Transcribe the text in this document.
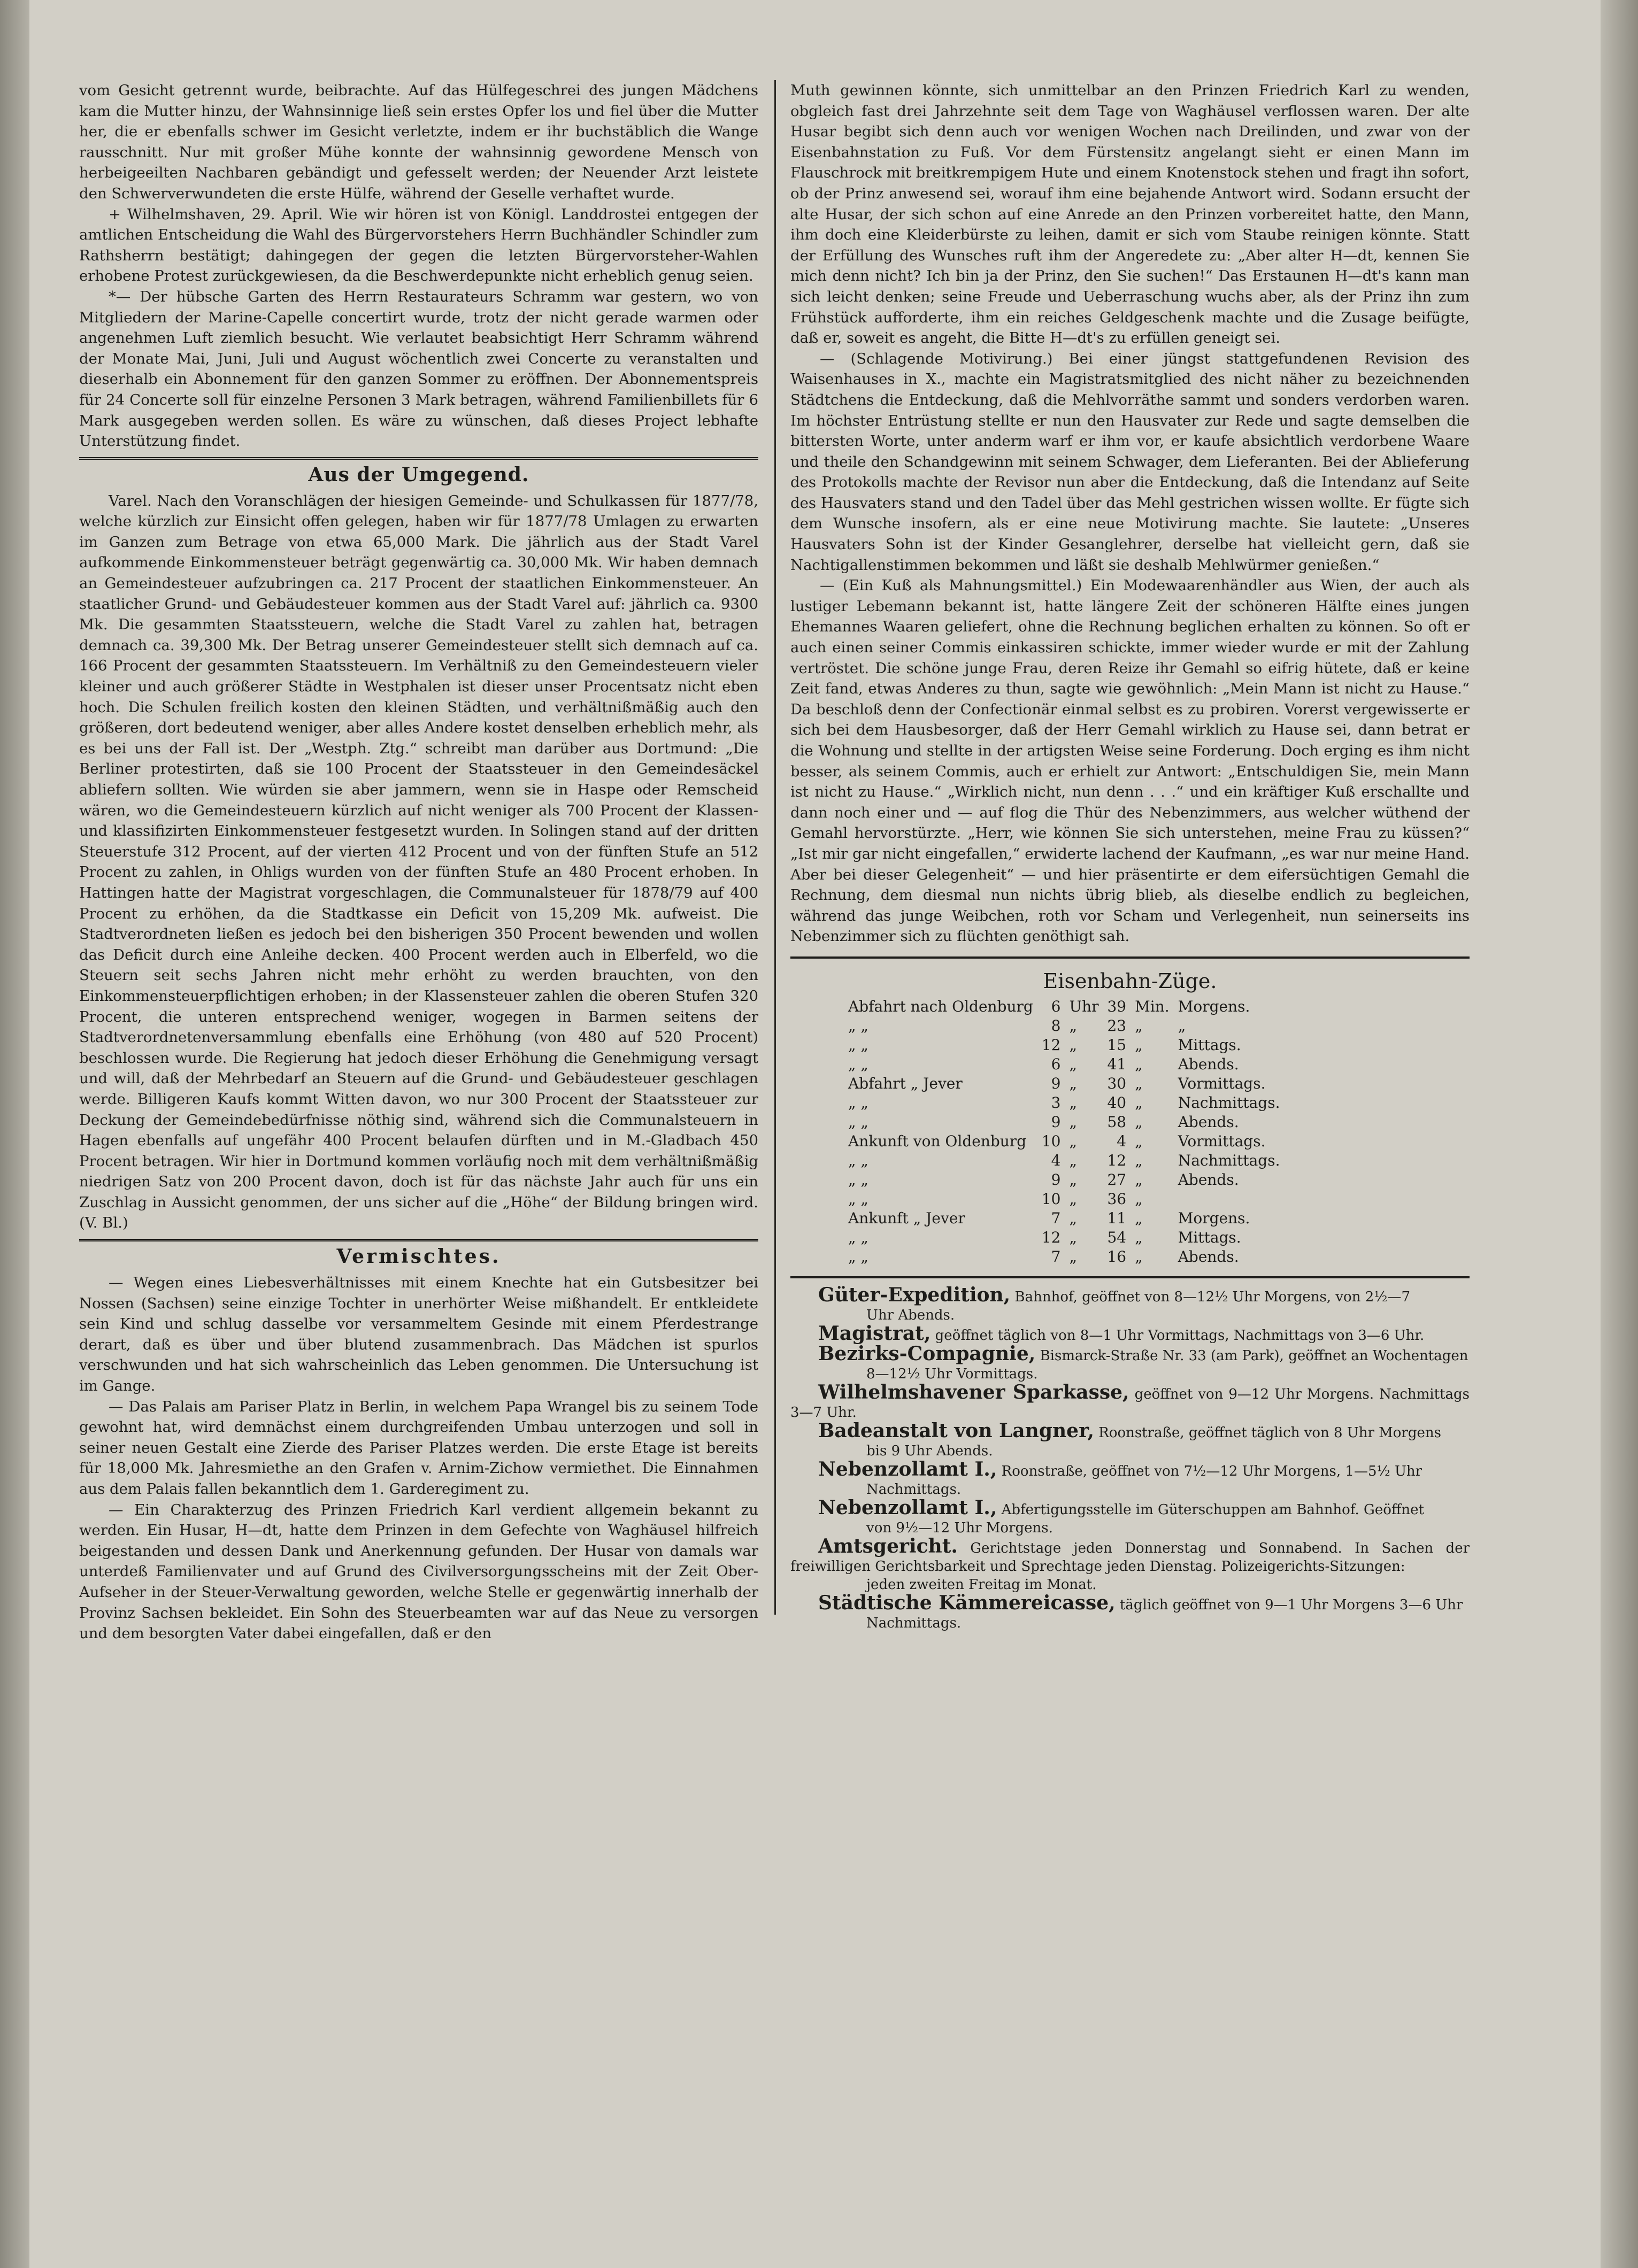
vom Gesicht getrennt wurde, beibrachte. Auf das Hülfegeschrei des jungen Mädchens kam die Mutter hinzu, der Wahnsinnige ließ sein erstes Opfer los und fiel über die Mutter her, die er ebenfalls schwer im Gesicht verletzte, indem er ihr buchstäblich die Wange rausschnitt. Nur mit großer Mühe konnte der wahnsinnig gewordene Mensch von herbeigeeilten Nachbaren gebändigt und gefesselt werden; der Neuender Arzt leistete den Schwerverwundeten die erste Hülfe, während der Geselle verhaftet wurde.

+ Wilhelmshaven, 29. April. Wie wir hören ist von Königl. Landdrostei entgegen der amtlichen Entscheidung die Wahl des Bürgervorstehers Herrn Buchhändler Schindler zum Rathsherrn bestätigt; dahingegen der gegen die letzten Bürgervorsteher-Wahlen erhobene Protest zurückgewiesen, da die Beschwerdepunkte nicht erheblich genug seien.

*— Der hübsche Garten des Herrn Restaurateurs Schramm war gestern, wo von Mitgliedern der Marine-Capelle concertirt wurde, trotz der nicht gerade warmen oder angenehmen Luft ziemlich besucht. Wie verlautet beabsichtigt Herr Schramm während der Monate Mai, Juni, Juli und August wöchentlich zwei Concerte zu veranstalten und dieserhalb ein Abonnement für den ganzen Sommer zu eröffnen. Der Abonnementspreis für 24 Concerte soll für einzelne Personen 3 Mark betragen, während Familienbillets für 6 Mark ausgegeben werden sollen. Es wäre zu wünschen, daß dieses Project lebhafte Unterstützung findet.

Aus der Umgegend.

Varel. Nach den Voranschlägen der hiesigen Gemeinde- und Schulkassen für 1877/78, welche kürzlich zur Einsicht offen gelegen, haben wir für 1877/78 Umlagen zu erwarten im Ganzen zum Betrage von etwa 65,000 Mark. Die jährlich aus der Stadt Varel aufkommende Einkommensteuer beträgt gegenwärtig ca. 30,000 Mk. Wir haben demnach an Gemeindesteuer aufzubringen ca. 217 Procent der staatlichen Einkommensteuer. An staatlicher Grund- und Gebäudesteuer kommen aus der Stadt Varel auf: jährlich ca. 9300 Mk. Die gesammten Staatssteuern, welche die Stadt Varel zu zahlen hat, betragen demnach ca. 39,300 Mk. Der Betrag unserer Gemeindesteuer stellt sich demnach auf ca. 166 Procent der gesammten Staatssteuern. Im Verhältniß zu den Gemeindesteuern vieler kleiner und auch größerer Städte in Westphalen ist dieser unser Procentsatz nicht eben hoch. Die Schulen freilich kosten den kleinen Städten, und verhältnißmäßig auch den größeren, dort bedeutend weniger, aber alles Andere kostet denselben erheblich mehr, als es bei uns der Fall ist. Der „Westph. Ztg.“ schreibt man darüber aus Dortmund: „Die Berliner protestirten, daß sie 100 Procent der Staatssteuer in den Gemeindesäckel abliefern sollten. Wie würden sie aber jammern, wenn sie in Haspe oder Remscheid wären, wo die Gemeindesteuern kürzlich auf nicht weniger als 700 Procent der Klassen- und klassifizirten Einkommensteuer festgesetzt wurden. In Solingen stand auf der dritten Steuerstufe 312 Procent, auf der vierten 412 Procent und von der fünften Stufe an 512 Procent zu zahlen, in Ohligs wurden von der fünften Stufe an 480 Procent erhoben. In Hattingen hatte der Magistrat vorgeschlagen, die Communalsteuer für 1878/79 auf 400 Procent zu erhöhen, da die Stadtkasse ein Deficit von 15,209 Mk. aufweist. Die Stadtverordneten ließen es jedoch bei den bisherigen 350 Procent bewenden und wollen das Deficit durch eine Anleihe decken. 400 Procent werden auch in Elberfeld, wo die Steuern seit sechs Jahren nicht mehr erhöht zu werden brauchten, von den Einkommensteuerpflichtigen erhoben; in der Klassensteuer zahlen die oberen Stufen 320 Procent, die unteren entsprechend weniger, wogegen in Barmen seitens der Stadtverordnetenversammlung ebenfalls eine Erhöhung (von 480 auf 520 Procent) beschlossen wurde. Die Regierung hat jedoch dieser Erhöhung die Genehmigung versagt und will, daß der Mehrbedarf an Steuern auf die Grund- und Gebäudesteuer geschlagen werde. Billigeren Kaufs kommt Witten davon, wo nur 300 Procent der Staatssteuer zur Deckung der Gemeindebedürfnisse nöthig sind, während sich die Communalsteuern in Hagen ebenfalls auf ungefähr 400 Procent belaufen dürften und in M.-Gladbach 450 Procent betragen. Wir hier in Dortmund kommen vorläufig noch mit dem verhältnißmäßig niedrigen Satz von 200 Procent davon, doch ist für das nächste Jahr auch für uns ein Zuschlag in Aussicht genommen, der uns sicher auf die „Höhe“ der Bildung bringen wird. (V. Bl.)

Vermischtes.

— Wegen eines Liebesverhältnisses mit einem Knechte hat ein Gutsbesitzer bei Nossen (Sachsen) seine einzige Tochter in unerhörter Weise mißhandelt. Er entkleidete sein Kind und schlug dasselbe vor versammeltem Gesinde mit einem Pferdestrange derart, daß es über und über blutend zusammenbrach. Das Mädchen ist spurlos verschwunden und hat sich wahrscheinlich das Leben genommen. Die Untersuchung ist im Gange.

— Das Palais am Pariser Platz in Berlin, in welchem Papa Wrangel bis zu seinem Tode gewohnt hat, wird demnächst einem durchgreifenden Umbau unterzogen und soll in seiner neuen Gestalt eine Zierde des Pariser Platzes werden. Die erste Etage ist bereits für 18,000 Mk. Jahresmiethe an den Grafen v. Arnim-Zichow vermiethet. Die Einnahmen aus dem Palais fallen bekanntlich dem 1. Garderegiment zu.

— Ein Charakterzug des Prinzen Friedrich Karl verdient allgemein bekannt zu werden. Ein Husar, H—dt, hatte dem Prinzen in dem Gefechte von Waghäusel hilfreich beigestanden und dessen Dank und Anerkennung gefunden. Der Husar von damals war unterdeß Familienvater und auf Grund des Civilversorgungsscheins mit der Zeit Ober-Aufseher in der Steuer-Verwaltung geworden, welche Stelle er gegenwärtig innerhalb der Provinz Sachsen bekleidet. Ein Sohn des Steuerbeamten war auf das Neue zu versorgen und dem besorgten Vater dabei eingefallen, daß er den

Muth gewinnen könnte, sich unmittelbar an den Prinzen Friedrich Karl zu wenden, obgleich fast drei Jahrzehnte seit dem Tage von Waghäusel verflossen waren. Der alte Husar begibt sich denn auch vor wenigen Wochen nach Dreilinden, und zwar von der Eisenbahnstation zu Fuß. Vor dem Fürstensitz angelangt sieht er einen Mann im Flauschrock mit breitkrempigem Hute und einem Knotenstock stehen und fragt ihn sofort, ob der Prinz anwesend sei, worauf ihm eine bejahende Antwort wird. Sodann ersucht der alte Husar, der sich schon auf eine Anrede an den Prinzen vorbereitet hatte, den Mann, ihm doch eine Kleiderbürste zu leihen, damit er sich vom Staube reinigen könnte. Statt der Erfüllung des Wunsches ruft ihm der Angeredete zu: „Aber alter H—dt, kennen Sie mich denn nicht? Ich bin ja der Prinz, den Sie suchen!“ Das Erstaunen H—dt's kann man sich leicht denken; seine Freude und Ueberraschung wuchs aber, als der Prinz ihn zum Frühstück aufforderte, ihm ein reiches Geldgeschenk machte und die Zusage beifügte, daß er, soweit es angeht, die Bitte H—dt's zu erfüllen geneigt sei.

— (Schlagende Motivirung.) Bei einer jüngst stattgefundenen Revision des Waisenhauses in X., machte ein Magistratsmitglied des nicht näher zu bezeichnenden Städtchens die Entdeckung, daß die Mehlvorräthe sammt und sonders verdorben waren. Im höchster Entrüstung stellte er nun den Hausvater zur Rede und sagte demselben die bittersten Worte, unter anderm warf er ihm vor, er kaufe absichtlich verdorbene Waare und theile den Schandgewinn mit seinem Schwager, dem Lieferanten. Bei der Ablieferung des Protokolls machte der Revisor nun aber die Entdeckung, daß die Intendanz auf Seite des Hausvaters stand und den Tadel über das Mehl gestrichen wissen wollte. Er fügte sich dem Wunsche insofern, als er eine neue Motivirung machte. Sie lautete: „Unseres Hausvaters Sohn ist der Kinder Gesanglehrer, derselbe hat vielleicht gern, daß sie Nachtigallenstimmen bekommen und läßt sie deshalb Mehlwürmer genießen.“

— (Ein Kuß als Mahnungsmittel.) Ein Modewaarenhändler aus Wien, der auch als lustiger Lebemann bekannt ist, hatte längere Zeit der schöneren Hälfte eines jungen Ehemannes Waaren geliefert, ohne die Rechnung beglichen erhalten zu können. So oft er auch einen seiner Commis einkassiren schickte, immer wieder wurde er mit der Zahlung vertröstet. Die schöne junge Frau, deren Reize ihr Gemahl so eifrig hütete, daß er keine Zeit fand, etwas Anderes zu thun, sagte wie gewöhnlich: „Mein Mann ist nicht zu Hause.“ Da beschloß denn der Confectionär einmal selbst es zu probiren. Vorerst vergewisserte er sich bei dem Hausbesorger, daß der Herr Gemahl wirklich zu Hause sei, dann betrat er die Wohnung und stellte in der artigsten Weise seine Forderung. Doch erging es ihm nicht besser, als seinem Commis, auch er erhielt zur Antwort: „Entschuldigen Sie, mein Mann ist nicht zu Hause.“ „Wirklich nicht, nun denn . . .“ und ein kräftiger Kuß erschallte und dann noch einer und — auf flog die Thür des Nebenzimmers, aus welcher wüthend der Gemahl hervorstürzte. „Herr, wie können Sie sich unterstehen, meine Frau zu küssen?“ „Ist mir gar nicht eingefallen,“ erwiderte lachend der Kaufmann, „es war nur meine Hand. Aber bei dieser Gelegenheit“ — und hier präsentirte er dem eifersüchtigen Gemahl die Rechnung, dem diesmal nun nichts übrig blieb, als dieselbe endlich zu begleichen, während das junge Weibchen, roth vor Scham und Verlegenheit, nun seinerseits ins Nebenzimmer sich zu flüchten genöthigt sah.

Eisenbahn-Züge.
Abfahrt nach Oldenburg	6	Uhr	39	Min.	Morgens.
„ „	8	„	23	„	„
„ „	12	„	15	„	Mittags.
„ „	6	„	41	„	Abends.
Abfahrt „ Jever	9	„	30	„	Vormittags.
„ „	3	„	40	„	Nachmittags.
„ „	9	„	58	„	Abends.
Ankunft von Oldenburg	10	„	4	„	Vormittags.
„ „	4	„	12	„	Nachmittags.
„ „	9	„	27	„	Abends.
„ „	10	„	36	„	
Ankunft „ Jever	7	„	11	„	Morgens.
„ „	12	„	54	„	Mittags.
„ „	7	„	16	„	Abends.

Güter-Expedition, Bahnhof, geöffnet von 8—12½ Uhr Morgens, von 2½—7
Uhr Abends.

Magistrat, geöffnet täglich von 8—1 Uhr Vormittags, Nachmittags von 3—6 Uhr.

Bezirks-Compagnie, Bismarck-Straße Nr. 33 (am Park), geöffnet an Wochentagen
8—12½ Uhr Vormittags.

Wilhelmshavener Sparkasse, geöffnet von 9—12 Uhr Morgens. Nachmittags 3—7 Uhr.

Badeanstalt von Langner, Roonstraße, geöffnet täglich von 8 Uhr Morgens
bis 9 Uhr Abends.

Nebenzollamt I., Roonstraße, geöffnet von 7½—12 Uhr Morgens, 1—5½ Uhr
Nachmittags.

Nebenzollamt I., Abfertigungsstelle im Güterschuppen am Bahnhof. Geöffnet
von 9½—12 Uhr Morgens.

Amtsgericht. Gerichtstage jeden Donnerstag und Sonnabend. In Sachen der freiwilligen Gerichtsbarkeit und Sprechtage jeden Dienstag. Polizeigerichts-Sitzungen:
jeden zweiten Freitag im Monat.

Städtische Kämmereicasse, täglich geöffnet von 9—1 Uhr Morgens 3—6 Uhr
Nachmittags.
